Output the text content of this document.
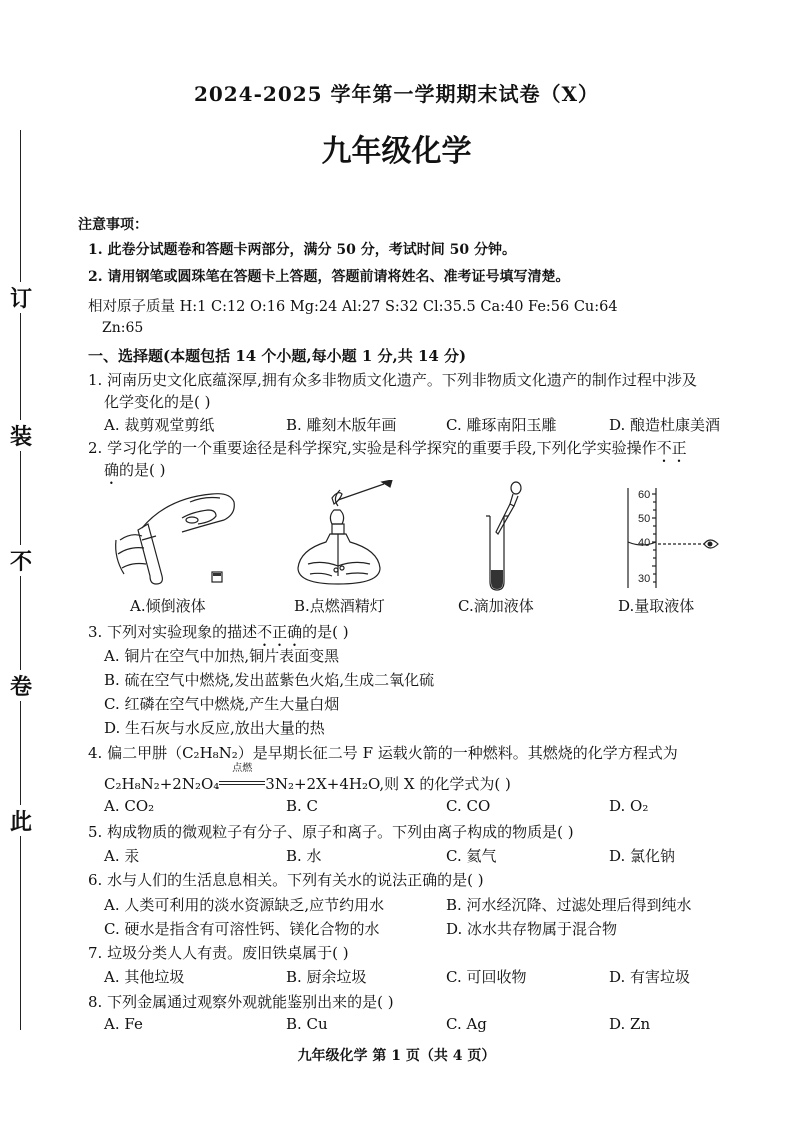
订
装
不
卷
此
2024-2025 学年第一学期期末试卷（X）
九年级化学
注意事项：
1. 此卷分试题卷和答题卡两部分，满分 50 分，考试时间 50 分钟。
2. 请用钢笔或圆珠笔在答题卡上答题，答题前请将姓名、准考证号填写清楚。
相对原子质量 H:1 C:12 O:16 Mg:24 Al:27 S:32 Cl:35.5 Ca:40 Fe:56 Cu:64
Zn:65
一、选择题(本题包括 14 个小题,每小题 1 分,共 14 分)
1. 河南历史文化底蕴深厚,拥有众多非物质文化遗产。下列非物质文化遗产的制作过程中涉及
化学变化的是( )
A. 裁剪观堂剪纸	B. 雕刻木版年画	C. 雕琢南阳玉雕	D. 酿造杜康美酒
2. 学习化学的一个重要途径是科学探究,实验是科学探究的重要手段,下列化学实验操作不正
确的是( )
60
50
40
30
A.倾倒液体	B.点燃酒精灯	C.滴加液体	D.量取液体
3. 下列对实验现象的描述不正确的是( )
A. 铜片在空气中加热,铜片表面变黑
B. 硫在空气中燃烧,发出蓝紫色火焰,生成二氧化硫
C. 红磷在空气中燃烧,产生大量白烟
D. 生石灰与水反应,放出大量的热
4. 偏二甲肼（C₂H₈N₂）是早期长征二号 F 运载火箭的一种燃料。其燃烧的化学方程式为
C₂H₈N₂+2N₂O₄
点燃
3N₂+2X+4H₂O,则 X 的化学式为( )
A. CO₂	B. C	C. CO	D. O₂
5. 构成物质的微观粒子有分子、原子和离子。下列由离子构成的物质是( )
A. 汞	B. 水	C. 氦气	D. 氯化钠
6. 水与人们的生活息息相关。下列有关水的说法正确的是( )
A. 人类可利用的淡水资源缺乏,应节约用水	B. 河水经沉降、过滤处理后得到纯水
C. 硬水是指含有可溶性钙、镁化合物的水	D. 冰水共存物属于混合物
7. 垃圾分类人人有责。废旧铁桌属于( )
A. 其他垃圾	B. 厨余垃圾	C. 可回收物	D. 有害垃圾
8. 下列金属通过观察外观就能鉴别出来的是( )
A. Fe	B. Cu	C. Ag	D. Zn
九年级化学 第 1 页（共 4 页）
